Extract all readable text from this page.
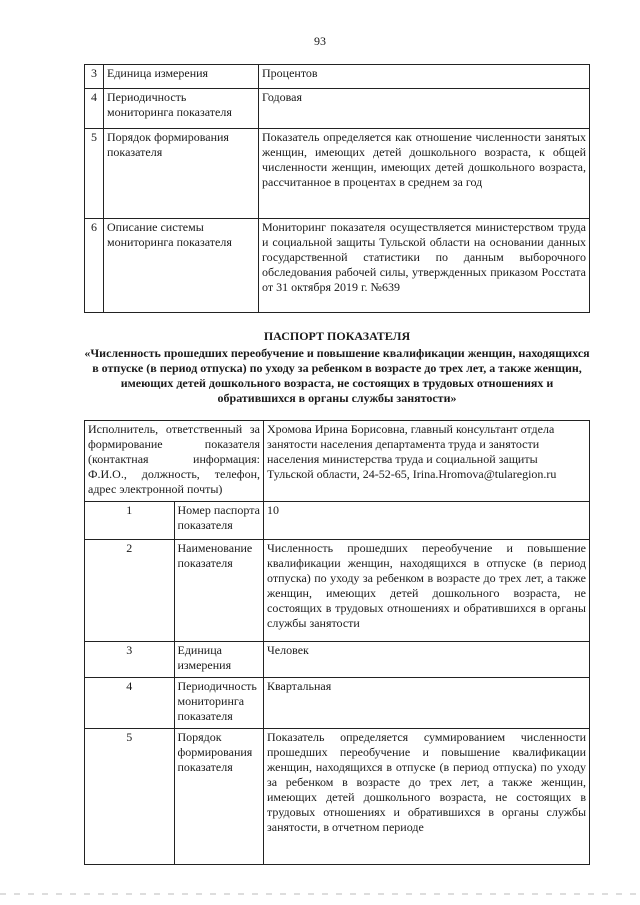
93
3	Единица измерения	Процентов
4	Периодичность мониторинга показателя	Годовая
5	Порядок формирования показателя	Показатель определяется как отношение численности занятых женщин, имеющих детей дошкольного возраста, к общей численности женщин, имеющих детей дошкольного возраста, рассчитанное в процентах в среднем за год
6	Описание системы мониторинга показателя	Мониторинг показателя осуществляется министерством труда и социальной защиты Тульской области на основании данных государственной статистики по данным выборочного обследования рабочей силы, утвержденных приказом Росстата от 31 октября 2019 г. №639
ПАСПОРТ ПОКАЗАТЕЛЯ
«Численность прошедших переобучение и повышение квалификации женщин, находящихся в отпуске (в период отпуска) по уходу за ребенком в возрасте до трех лет, а также женщин, имеющих детей дошкольного возраста, не состоящих в трудовых отношениях и обратившихся в органы службы занятости»
Исполнитель, ответственный за формирование показателя (контактная информация: Ф.И.О., должность, телефон, адрес электронной почты)		Хромова Ирина Борисовна, главный консультант отдела занятости населения департамента труда и занятости населения министерства труда и социальной защиты Тульской области, 24-52-65, Irina.Hromova@tularegion.ru
1	Номер паспорта показателя	10
2	Наименование показателя	Численность прошедших переобучение и повышение квалификации женщин, находящихся в отпуске (в период отпуска) по уходу за ребенком в возрасте до трех лет, а также женщин, имеющих детей дошкольного возраста, не состоящих в трудовых отношениях и обратившихся в органы службы занятости
3	Единица измерения	Человек
4	Периодичность мониторинга показателя	Квартальная
5	Порядок формирования показателя	Показатель определяется суммированием численности прошедших переобучение и повышение квалификации женщин, находящихся в отпуске (в период отпуска) по уходу за ребенком в возрасте до трех лет, а также женщин, имеющих детей дошкольного возраста, не состоящих в трудовых отношениях и обратившихся в органы службы занятости, в отчетном периоде
